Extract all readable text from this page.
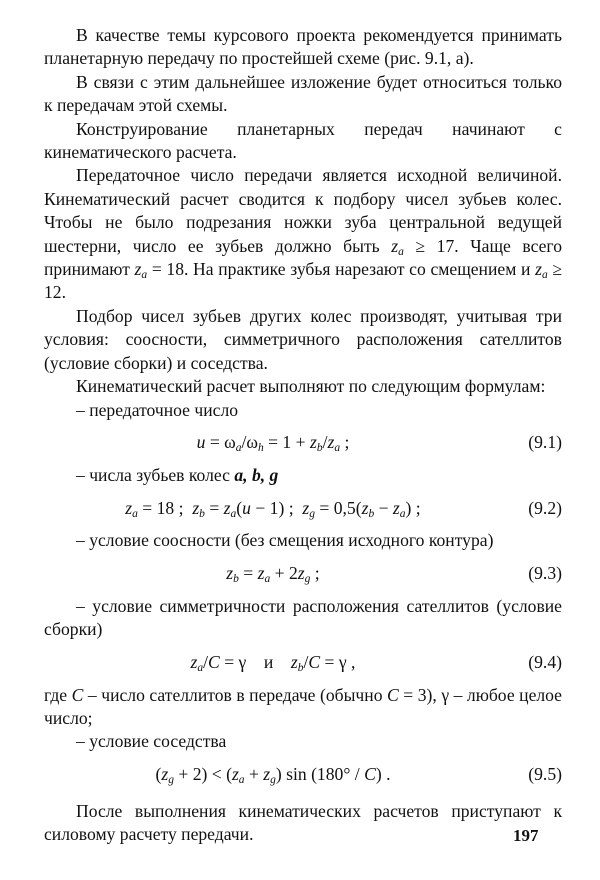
В качестве темы курсового проекта рекомендуется принимать планетарную передачу по простейшей схеме (рис. 9.1, а).

В связи с этим дальнейшее изложение будет относиться только к передачам этой схемы.

Конструирование планетарных передач начинают с кинематического расчета.

Передаточное число передачи является исходной величиной. Кинематический расчет сводится к подбору чисел зубьев колес. Чтобы не было подрезания ножки зуба центральной ведущей шестерни, число ее зубьев должно быть $z_a \ge 17$. Чаще всего принимают $z_a = 18$. На практике зубья нарезают со смещением и $z_a \ge 12$.

Подбор чисел зубьев других колес производят, учитывая три условия: соосности, симметричного расположения сателлитов (условие сборки) и соседства.

Кинематический расчет выполняют по следующим формулам:

– передаточное число

$u = \omega_a/\omega_h = 1 + z_b/z_a$ ;	(9.1)

– числа зубьев колес a, b, g

$z_a = 18$ ;  $z_b = z_a(u - 1)$ ;  $z_g = 0,5(z_b - z_a)$ ;	(9.2)

– условие соосности (без смещения исходного контура)

$z_b = z_a + 2z_g$ ;	(9.3)

– условие симметричности расположения сателлитов (условие сборки)

$z_a/C = \gamma$    и $z_b/C = \gamma$ ,	(9.4)

где C – число сателлитов в передаче (обычно C = 3), γ – любое целое число;

– условие соседства

$(z_g + 2) < (z_a + z_g)$ sin (180° / C) .	(9.5)

После выполнения кинематических расчетов приступают к силовому расчету передачи.	197
